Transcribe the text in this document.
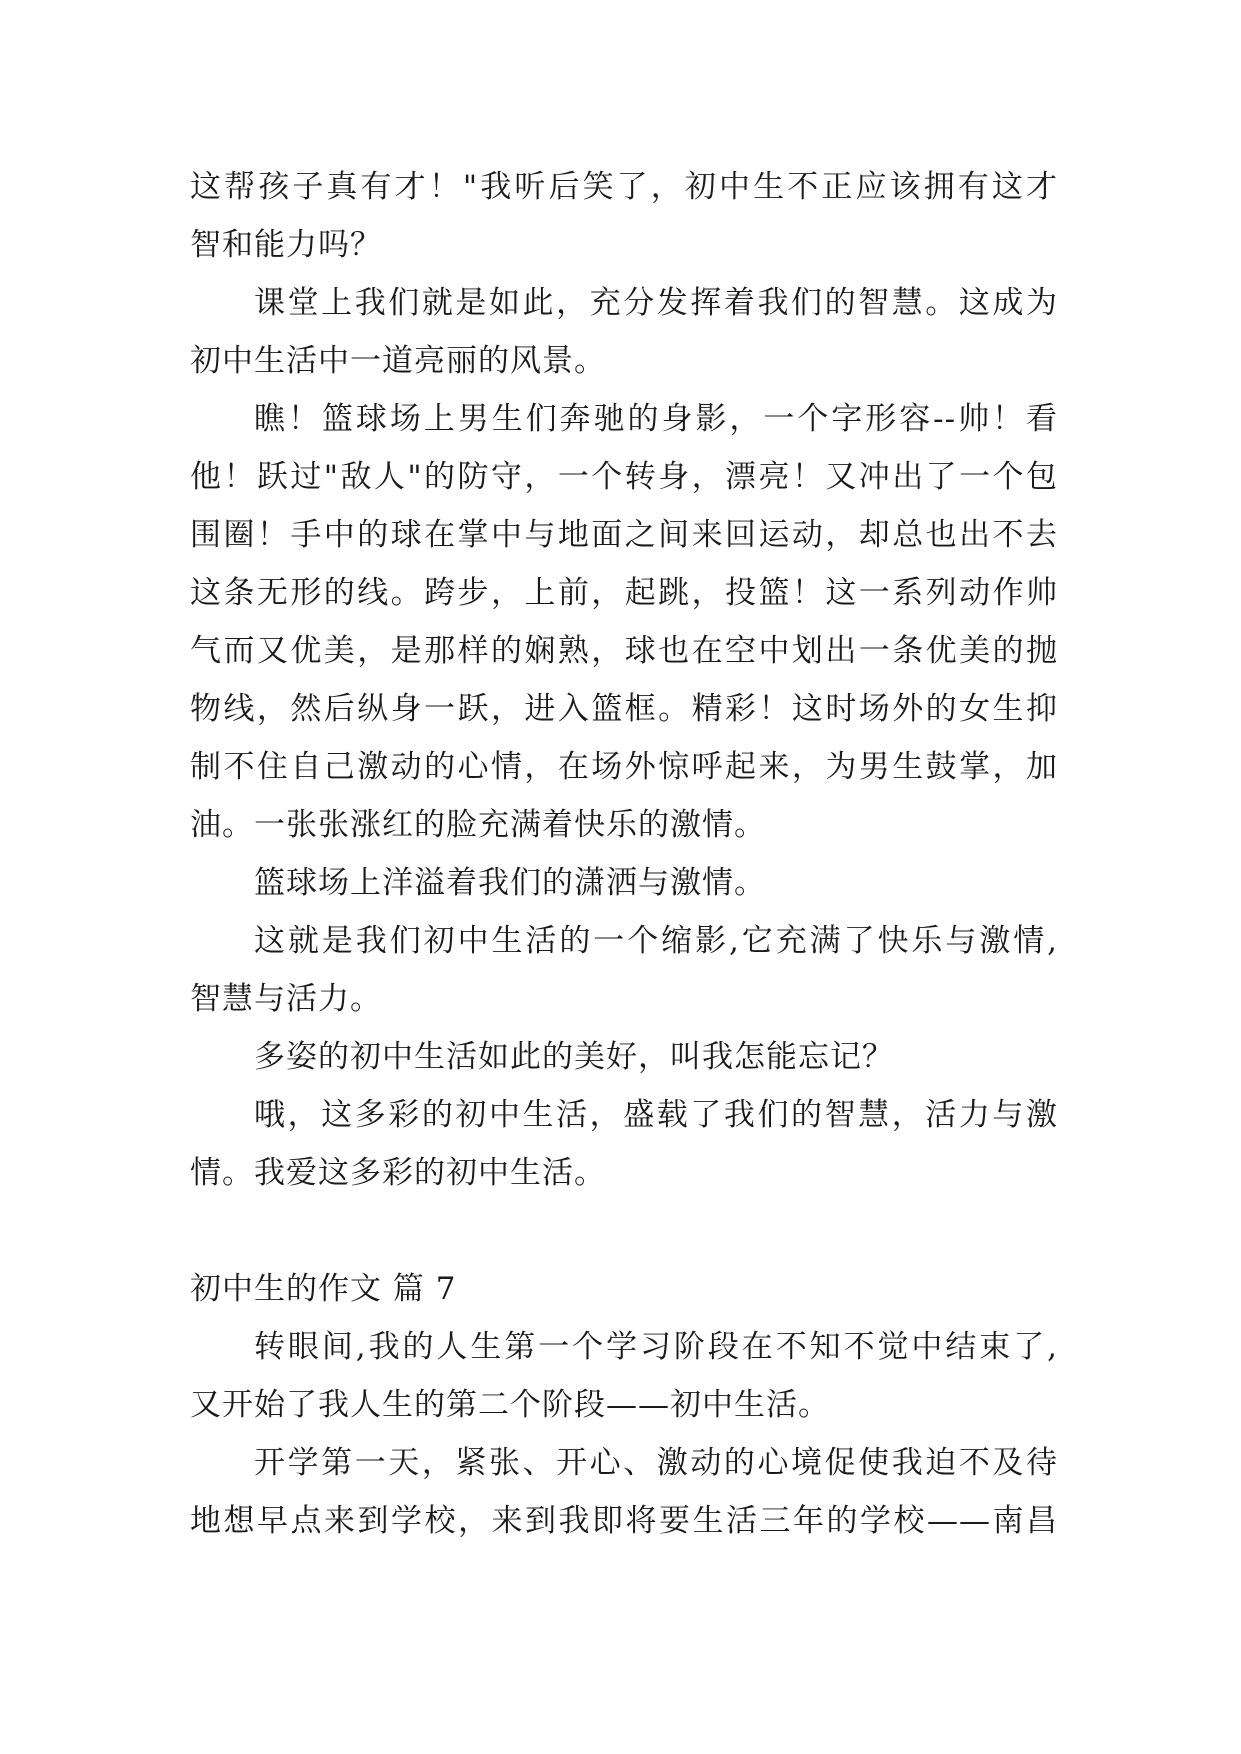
这帮孩子真有才！"我听后笑了，初中生不正应该拥有这才
智和能力吗？
课堂上我们就是如此，充分发挥着我们的智慧。这成为
初中生活中一道亮丽的风景。
瞧！篮球场上男生们奔驰的身影，一个字形容--帅！看
他！跃过"敌人"的防守，一个转身，漂亮！又冲出了一个包
围圈！手中的球在掌中与地面之间来回运动，却总也出不去
这条无形的线。跨步，上前，起跳，投篮！这一系列动作帅
气而又优美，是那样的娴熟，球也在空中划出一条优美的抛
物线，然后纵身一跃，进入篮框。精彩！这时场外的女生抑
制不住自己激动的心情，在场外惊呼起来，为男生鼓掌，加
油。一张张涨红的脸充满着快乐的激情。
篮球场上洋溢着我们的潇洒与激情。
这就是我们初中生活的一个缩影,它充满了快乐与激情,
智慧与活力。
多姿的初中生活如此的美好，叫我怎能忘记？
哦，这多彩的初中生活，盛载了我们的智慧，活力与激
情。我爱这多彩的初中生活。
初中生的作文 篇 7
转眼间,我的人生第一个学习阶段在不知不觉中结束了,
又开始了我人生的第二个阶段——初中生活。
开学第一天，紧张、开心、激动的心境促使我迫不及待
地想早点来到学校，来到我即将要生活三年的学校——南昌
